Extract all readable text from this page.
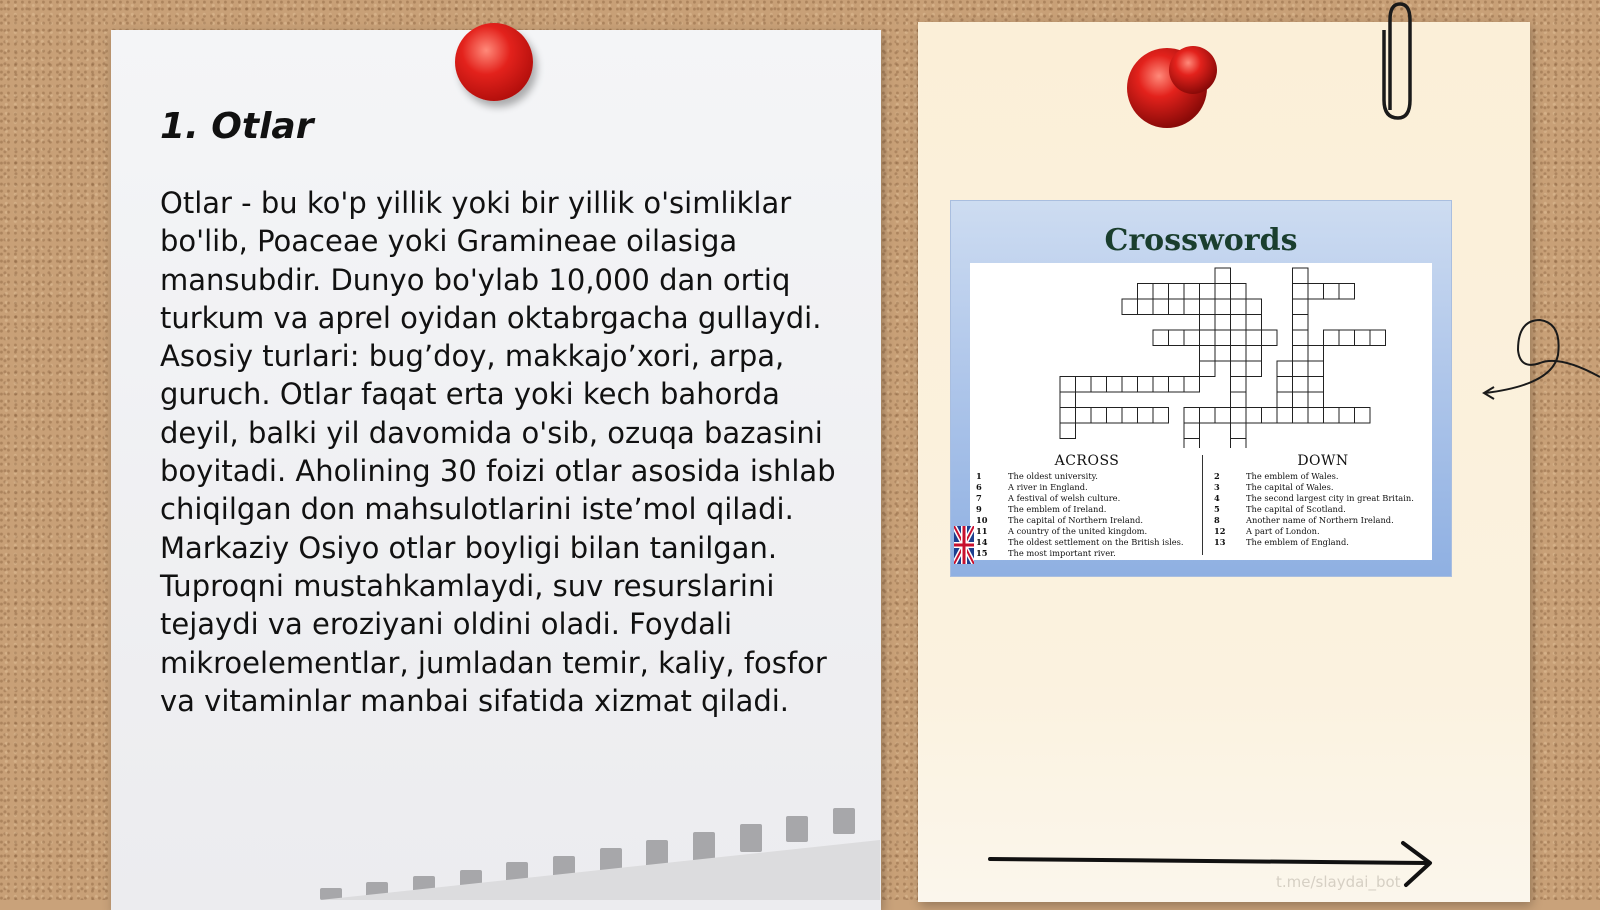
1. Otlar

Otlar - bu ko'p yillik yoki bir yillik o'simliklar bo'lib, Poaceae yoki Gramineae oilasiga mansubdir. Dunyo bo'ylab 10,000 dan ortiq turkum va aprel oyidan oktabrgacha gullaydi. Asosiy turlari: bug’doy, makkajo’xori, arpa, guruch. Otlar faqat erta yoki kech bahorda deyil, balki yil davomida o'sib, ozuqa bazasini boyitadi. Aholining 30 foizi otlar asosida ishlab chiqilgan don mahsulotlarini iste’mol qiladi. Markaziy Osiyo otlar boyligi bilan tanilgan. Tuproqni mustahkamlaydi, suv resurslarini tejaydi va eroziyani oldini oladi. Foydali mikroelementlar, jumladan temir, kaliy, fosfor va vitaminlar manbai sifatida xizmat qiladi.

t.me/slaydai_bot
Crosswords
ACROSS
1	The oldest university.
6	A river in England.
7	A festival of welsh culture.
9	The emblem of Ireland.
10	The capital of Northern Ireland.
11	A country of the united kingdom.
14	The oldest settlement on the British isles.
15	The most important river.
DOWN
2	The emblem of Wales.
3	The capital of Wales.
4	The second largest city in great Britain.
5	The capital of Scotland.
8	Another name of Northern Ireland.
12	A part of London.
13	The emblem of England.
